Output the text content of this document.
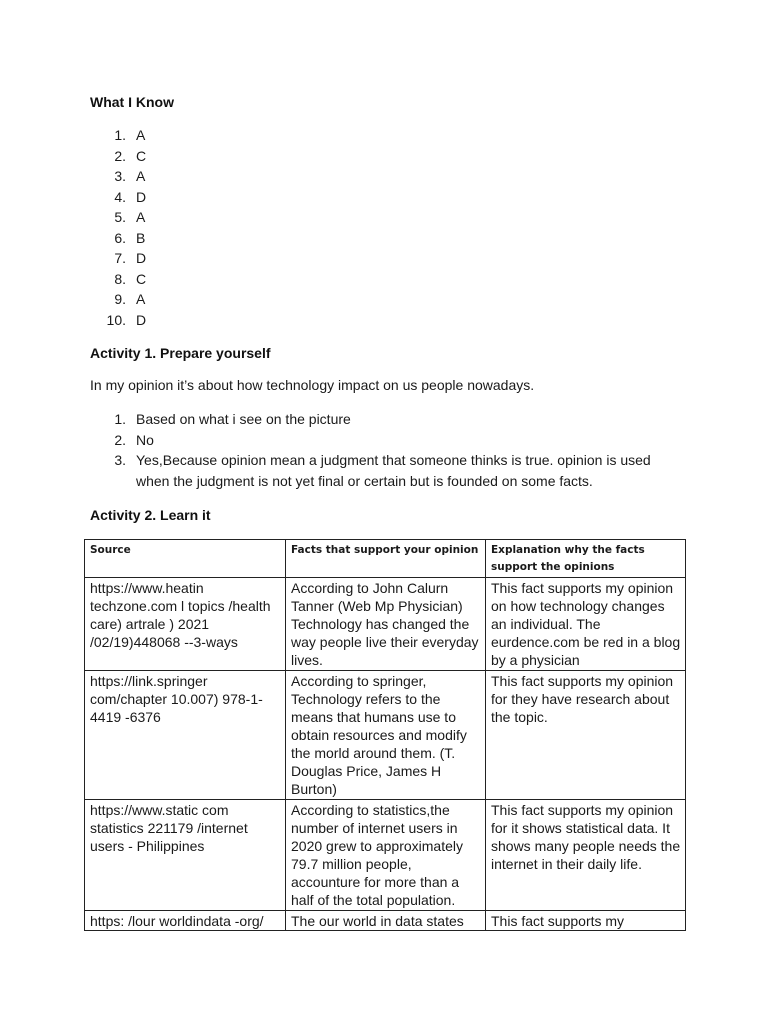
What I Know
1. A
2. C
3. A
4. D
5. A
6. B
7. D
8. C
9. A
10. D
Activity 1. Prepare yourself

In my opinion it’s about how technology impact on us people nowadays.

1. Based on what i see on the picture
2. No
3. Yes,Because opinion mean a judgment that someone thinks is true. opinion is used when the judgment is not yet final or certain but is founded on some facts.
Activity 2. Learn it
Source	Facts that support your opinion	Explanation why the facts support the opinions
https://www.heatin techzone.com l topics /health care) artrale ) 2021 /02/19)448068 --3-ways	According to John Calurn Tanner (Web Mp Physician) Technology has changed the way people live their everyday lives.	This fact supports my opinion on how technology changes an individual. The eurdence.com be red in a blog by a physician
https://link.springer com/chapter 10.007) 978-1-4419 -6376	According to springer, Technology refers to the means that humans use to obtain resources and modify the morld around them. (T. Douglas Price, James H Burton)	This fact supports my opinion for they have research about the topic.
https://www.static com statistics 221179 /internet users - Philippines	According to statistics,the number of internet users in 2020 grew to approximately 79.7 million people, accounture for more than a half of the total population.	This fact supports my opinion for it shows statistical data. It shows many people needs the internet in their daily life.

https: /lour worldindata -org/	The our world in data states	This fact supports my
